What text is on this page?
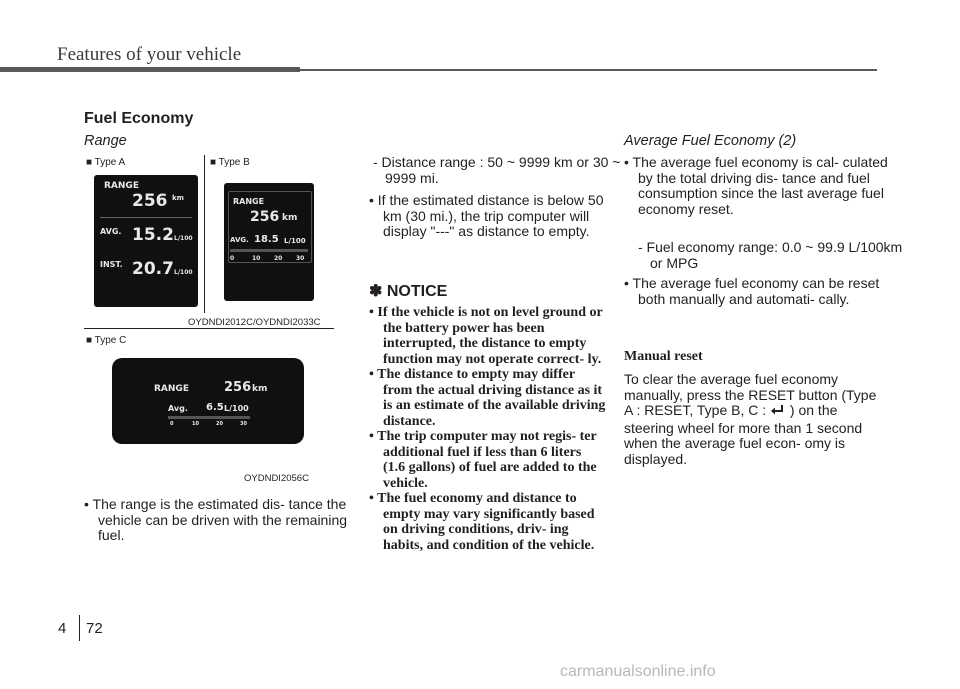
Features of your vehicle
Fuel Economy
Range
■ Type A	■ Type B
RANGE
256 km
AVG. 15.2 L/100
INST. 20.7 L/100
RANGE
256 km
AVG. 18.5 L/100
0	10 20 30
OYDNDI2012C/OYDNDI2033C
■ Type C
RANGE	256 km
Avg. 6.5 L/100
0	10	20	30
OYDNDI2056C
• The range is the estimated dis- tance the vehicle can be driven with the remaining fuel.
- Distance range : 50 ~ 9999 km or 30 ~ 9999 mi.
• If the estimated distance is below 50 km (30 mi.), the trip computer will display "---" as distance to empty.
✽ NOTICE
• If the vehicle is not on level ground or the battery power has been interrupted, the distance to empty function may not operate correct- ly.
• The distance to empty may differ from the actual driving distance as it is an estimate of the available driving distance.
• The trip computer may not regis- ter additional fuel if less than 6 liters (1.6 gallons) of fuel are added to the vehicle.
• The fuel economy and distance to empty may vary significantly based on driving conditions, driv- ing habits, and condition of the vehicle.
Average Fuel Economy (2)
• The average fuel economy is cal- culated by the total driving dis- tance and fuel consumption since the last average fuel economy reset.
- Fuel economy range: 0.0 ~ 99.9 L/100km or MPG
• The average fuel economy can be reset both manually and automati- cally.
Manual reset
To clear the average fuel economy manually, press the RESET button (Type A : RESET, Type B, C : ) on the steering wheel for more than 1 second when the average fuel econ- omy is displayed.
4 72
carmanualsonline.info
